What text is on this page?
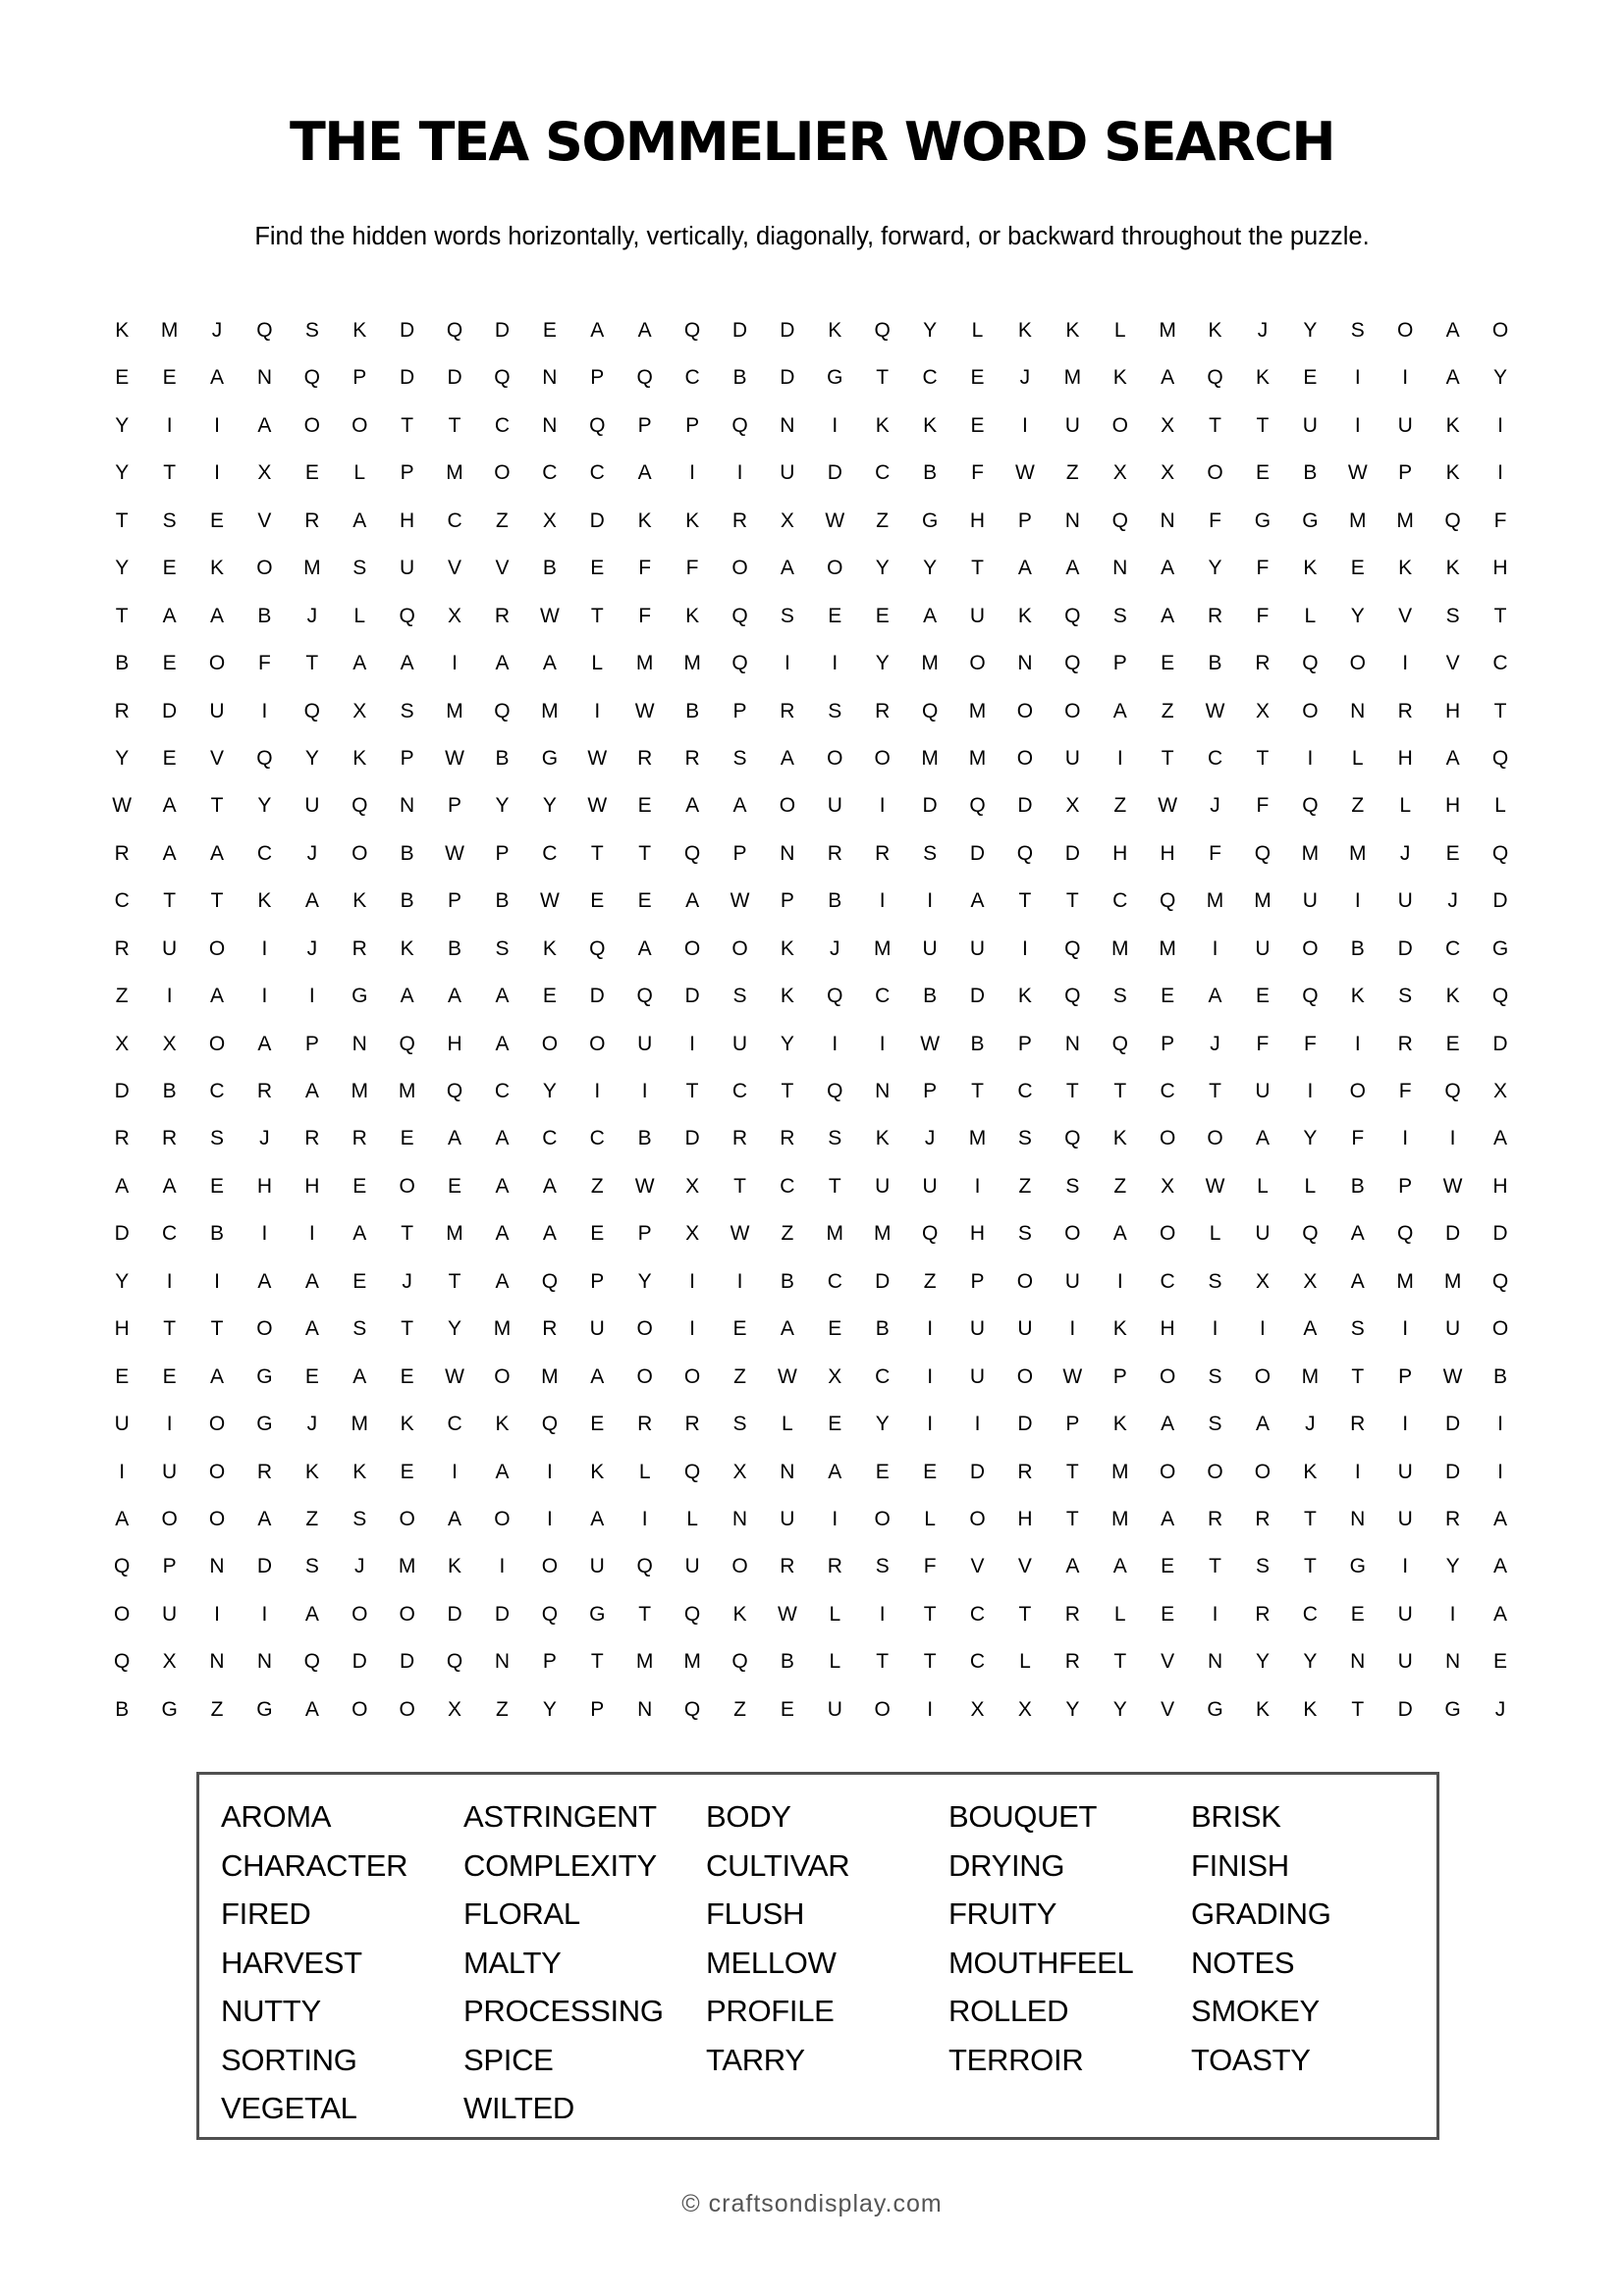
THE TEA SOMMELIER WORD SEARCH

Find the hidden words horizontally, vertically, diagonally, forward, or backward throughout the puzzle.

K	M	J	Q	S	K	D	Q	D	E	A	A	Q	D	D	K	Q	Y	L	K	K	L	M	K	J	Y	S	O	A	O
E	E	A	N	Q	P	D	D	Q	N	P	Q	C	B	D	G	T	C	E	J	M	K	A	Q	K	E	I	I	A	Y
Y	I	I	A	O	O	T	T	C	N	Q	P	P	Q	N	I	K	K	E	I	U	O	X	T	T	U	I	U	K	I
Y	T	I	X	E	L	P	M	O	C	C	A	I	I	U	D	C	B	F	W	Z	X	X	O	E	B	W	P	K	I
T	S	E	V	R	A	H	C	Z	X	D	K	K	R	X	W	Z	G	H	P	N	Q	N	F	G	G	M	M	Q	F
Y	E	K	O	M	S	U	V	V	B	E	F	F	O	A	O	Y	Y	T	A	A	N	A	Y	F	K	E	K	K	H
T	A	A	B	J	L	Q	X	R	W	T	F	K	Q	S	E	E	A	U	K	Q	S	A	R	F	L	Y	V	S	T
B	E	O	F	T	A	A	I	A	A	L	M	M	Q	I	I	Y	M	O	N	Q	P	E	B	R	Q	O	I	V	C
R	D	U	I	Q	X	S	M	Q	M	I	W	B	P	R	S	R	Q	M	O	O	A	Z	W	X	O	N	R	H	T
Y	E	V	Q	Y	K	P	W	B	G	W	R	R	S	A	O	O	M	M	O	U	I	T	C	T	I	L	H	A	Q
W	A	T	Y	U	Q	N	P	Y	Y	W	E	A	A	O	U	I	D	Q	D	X	Z	W	J	F	Q	Z	L	H	L
R	A	A	C	J	O	B	W	P	C	T	T	Q	P	N	R	R	S	D	Q	D	H	H	F	Q	M	M	J	E	Q
C	T	T	K	A	K	B	P	B	W	E	E	A	W	P	B	I	I	A	T	T	C	Q	M	M	U	I	U	J	D
R	U	O	I	J	R	K	B	S	K	Q	A	O	O	K	J	M	U	U	I	Q	M	M	I	U	O	B	D	C	G
Z	I	A	I	I	G	A	A	A	E	D	Q	D	S	K	Q	C	B	D	K	Q	S	E	A	E	Q	K	S	K	Q
X	X	O	A	P	N	Q	H	A	O	O	U	I	U	Y	I	I	W	B	P	N	Q	P	J	F	F	I	R	E	D
D	B	C	R	A	M	M	Q	C	Y	I	I	T	C	T	Q	N	P	T	C	T	T	C	T	U	I	O	F	Q	X
R	R	S	J	R	R	E	A	A	C	C	B	D	R	R	S	K	J	M	S	Q	K	O	O	A	Y	F	I	I	A
A	A	E	H	H	E	O	E	A	A	Z	W	X	T	C	T	U	U	I	Z	S	Z	X	W	L	L	B	P	W	H
D	C	B	I	I	A	T	M	A	A	E	P	X	W	Z	M	M	Q	H	S	O	A	O	L	U	Q	A	Q	D	D
Y	I	I	A	A	E	J	T	A	Q	P	Y	I	I	B	C	D	Z	P	O	U	I	C	S	X	X	A	M	M	Q
H	T	T	O	A	S	T	Y	M	R	U	O	I	E	A	E	B	I	U	U	I	K	H	I	I	A	S	I	U	O
E	E	A	G	E	A	E	W	O	M	A	O	O	Z	W	X	C	I	U	O	W	P	O	S	O	M	T	P	W	B
U	I	O	G	J	M	K	C	K	Q	E	R	R	S	L	E	Y	I	I	D	P	K	A	S	A	J	R	I	D	I
I	U	O	R	K	K	E	I	A	I	K	L	Q	X	N	A	E	E	D	R	T	M	O	O	O	K	I	U	D	I
A	O	O	A	Z	S	O	A	O	I	A	I	L	N	U	I	O	L	O	H	T	M	A	R	R	T	N	U	R	A
Q	P	N	D	S	J	M	K	I	O	U	Q	U	O	R	R	S	F	V	V	A	A	E	T	S	T	G	I	Y	A
O	U	I	I	A	O	O	D	D	Q	G	T	Q	K	W	L	I	T	C	T	R	L	E	I	R	C	E	U	I	A
Q	X	N	N	Q	D	D	Q	N	P	T	M	M	Q	B	L	T	T	C	L	R	T	V	N	Y	Y	N	U	N	E
B	G	Z	G	A	O	O	X	Z	Y	P	N	Q	Z	E	U	O	I	X	X	Y	Y	V	G	K	K	T	D	G	J
AROMA	ASTRINGENT	BODY	BOUQUET	BRISK
CHARACTER	COMPLEXITY	CULTIVAR	DRYING	FINISH
FIRED	FLORAL	FLUSH	FRUITY	GRADING
HARVEST	MALTY	MELLOW	MOUTHFEEL	NOTES
NUTTY	PROCESSING	PROFILE	ROLLED	SMOKEY
SORTING	SPICE	TARRY	TERROIR	TOASTY
VEGETAL	WILTED
© craftsondisplay.com
